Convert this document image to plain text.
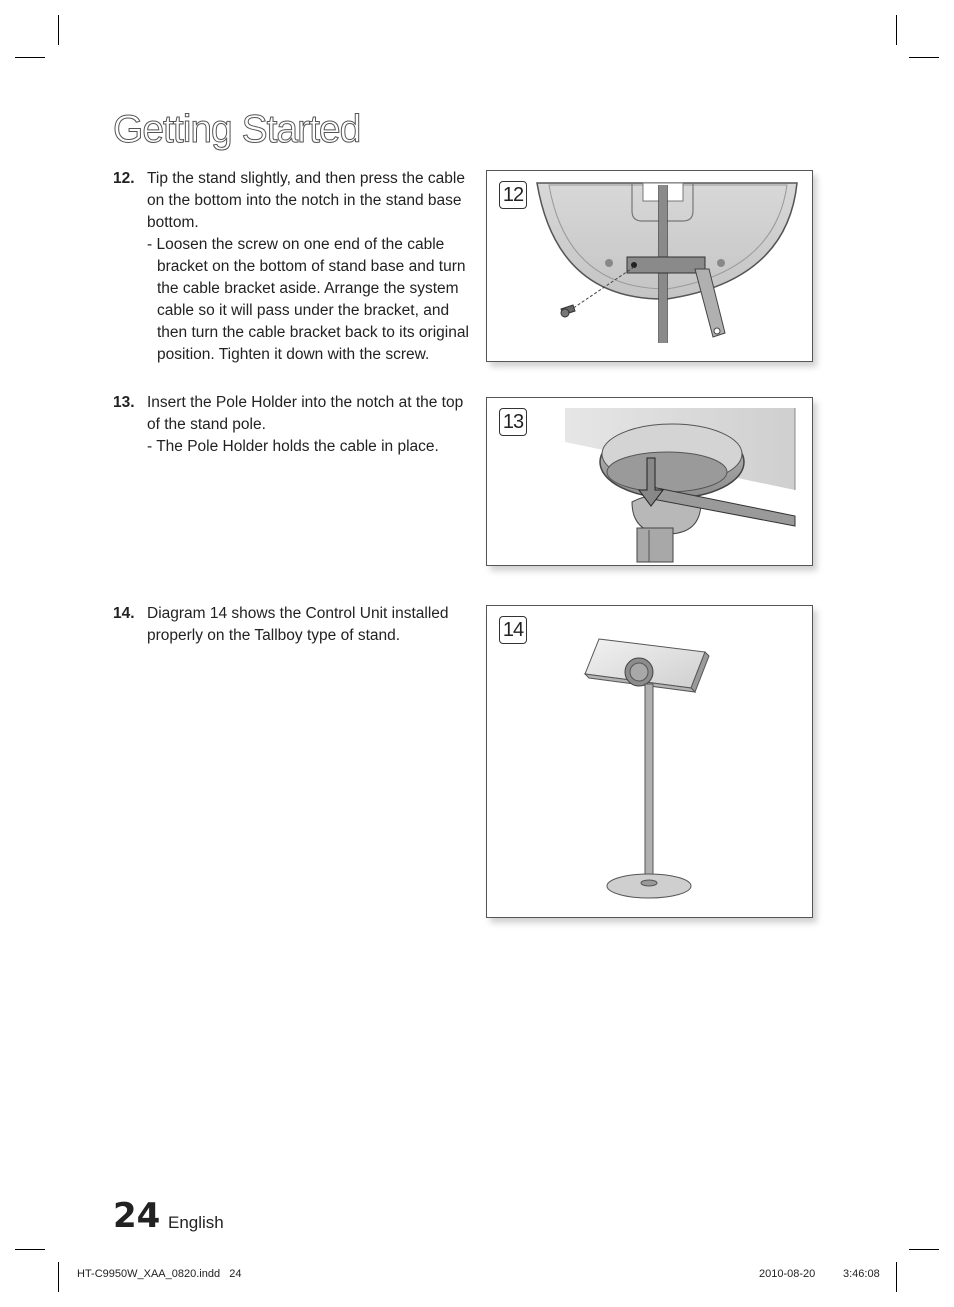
Getting Started
12. Tip the stand slightly, and then press the cable on the bottom into the notch in the stand base bottom.
- Loosen the screw on one end of the cable bracket on the bottom of stand base and turn the cable bracket aside. Arrange the system cable so it will pass under the bracket, and then turn the cable bracket back to its original position. Tighten it down with the screw.
13. Insert the Pole Holder into the notch at the top of the stand pole.
- The Pole Holder holds the cable in place.
14. Diagram 14 shows the Control Unit installed properly on the Tallboy type of stand.
12
13
14
24 English
HT-C9950W_XAA_0820.indd   24	2010-08-20	3:46:08
